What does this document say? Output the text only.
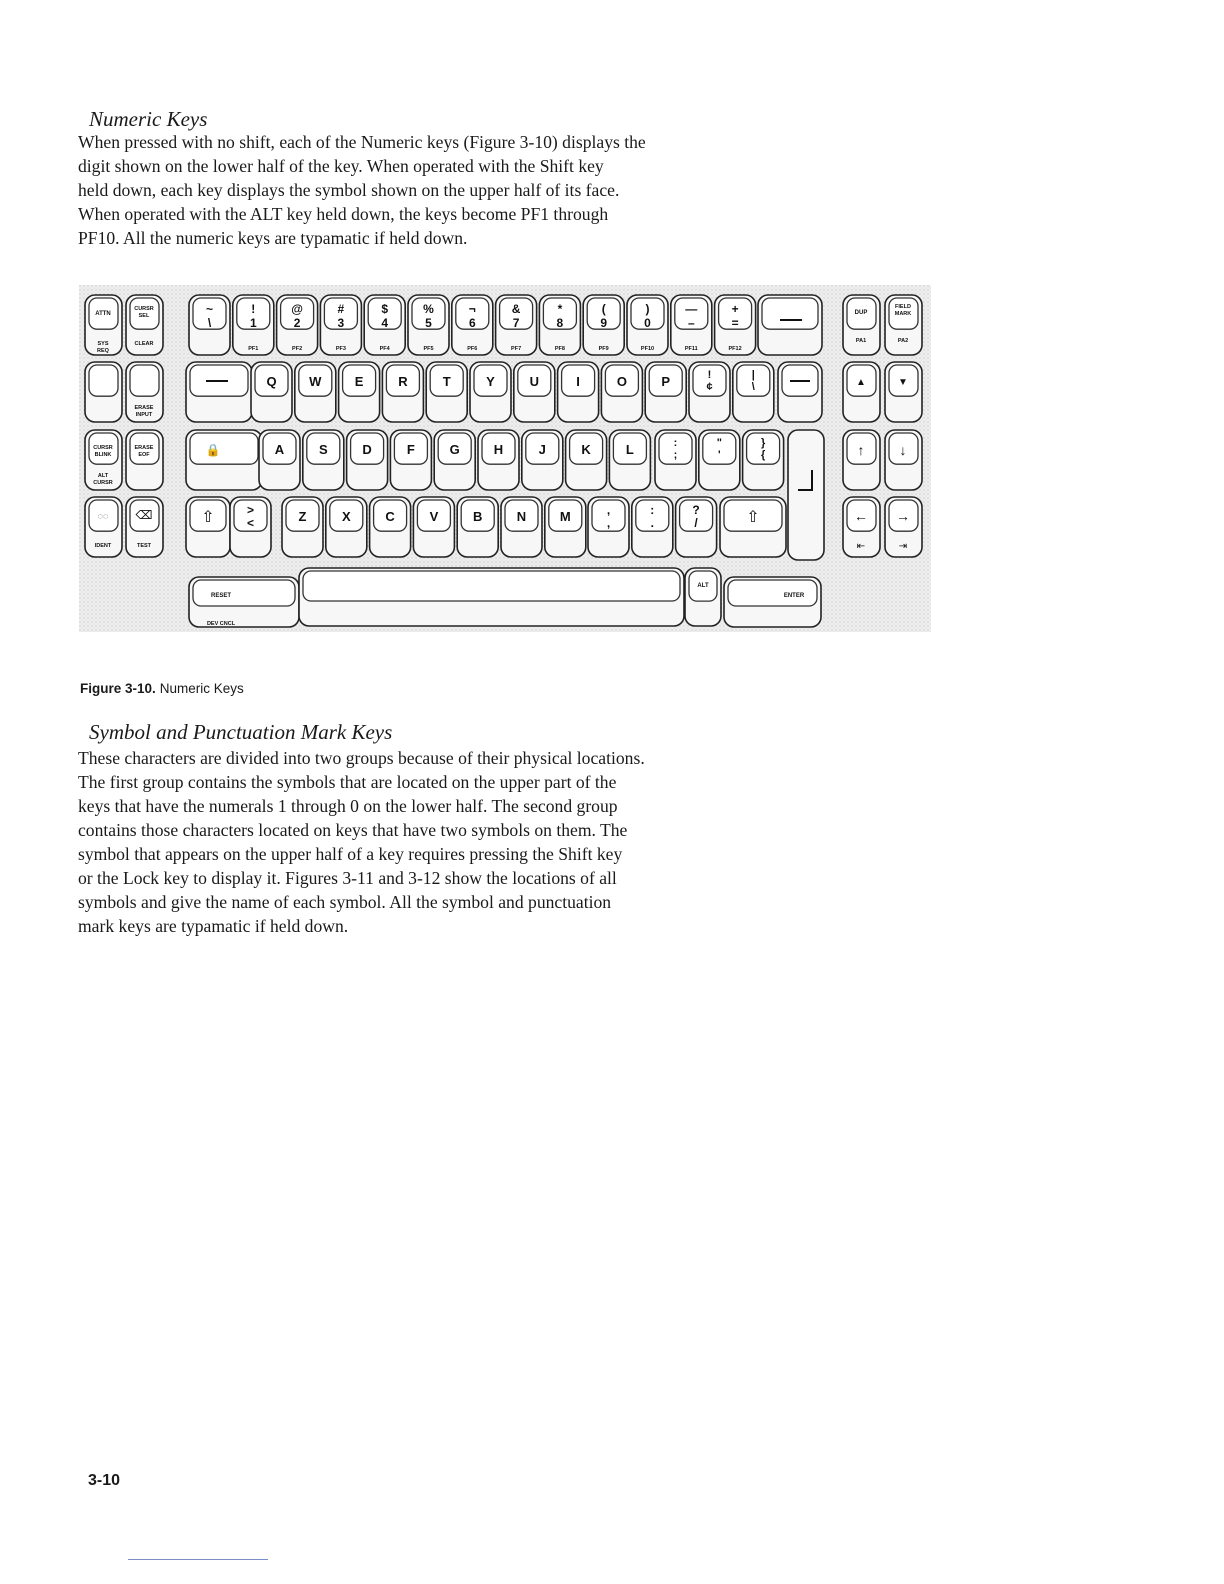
Numeric Keys
When pressed with no shift, each of the Numeric keys (Figure 3-10) displays the
digit shown on the lower half of the key. When operated with the Shift key
held down, each key displays the symbol shown on the upper half of its face.
When operated with the ALT key held down, the keys become PF1 through
PF10. All the numeric keys are typamatic if held down.
~
\
!
1
PF1
@
2
PF2
#
3
PF3
$
4
PF4
%
5
PF5
¬
6
PF6
&
7
PF7
*
8
PF8
(
9
PF9
)
0
PF10
—
–
PF11
+
=
PF12
Q	W	E	R	T	Y	U	I	O	P	!
¢
|
\
🔒	A	S	D	F	G	H	J	K	L	:
;
"
'
}
{
⇧	>
<	Z	X	C	V	B	N	M	,
,
:
.
?
/	⇧
ATTN
SYS
REQ
CURSR
SEL
CLEAR
ERASE
INPUT
CURSR
BLINK
ALT
CURSR
ERASE
EOF
◌◌
IDENT
⌫
TEST
DUP
PA1
FIELD
MARK
PA2
▲	▼
↑	↓
←
⇤
→
⇥
RESET
DEV CNCL
ALT
ENTER

Figure 3-10. Numeric Keys

Symbol and Punctuation Mark Keys
These characters are divided into two groups because of their physical locations.
The first group contains the symbols that are located on the upper part of the
keys that have the numerals 1 through 0 on the lower half. The second group
contains those characters located on keys that have two symbols on them. The
symbol that appears on the upper half of a key requires pressing the Shift key
or the Lock key to display it. Figures 3-11 and 3-12 show the locations of all
symbols and give the name of each symbol. All the symbol and punctuation
mark keys are typamatic if held down.
3-10
